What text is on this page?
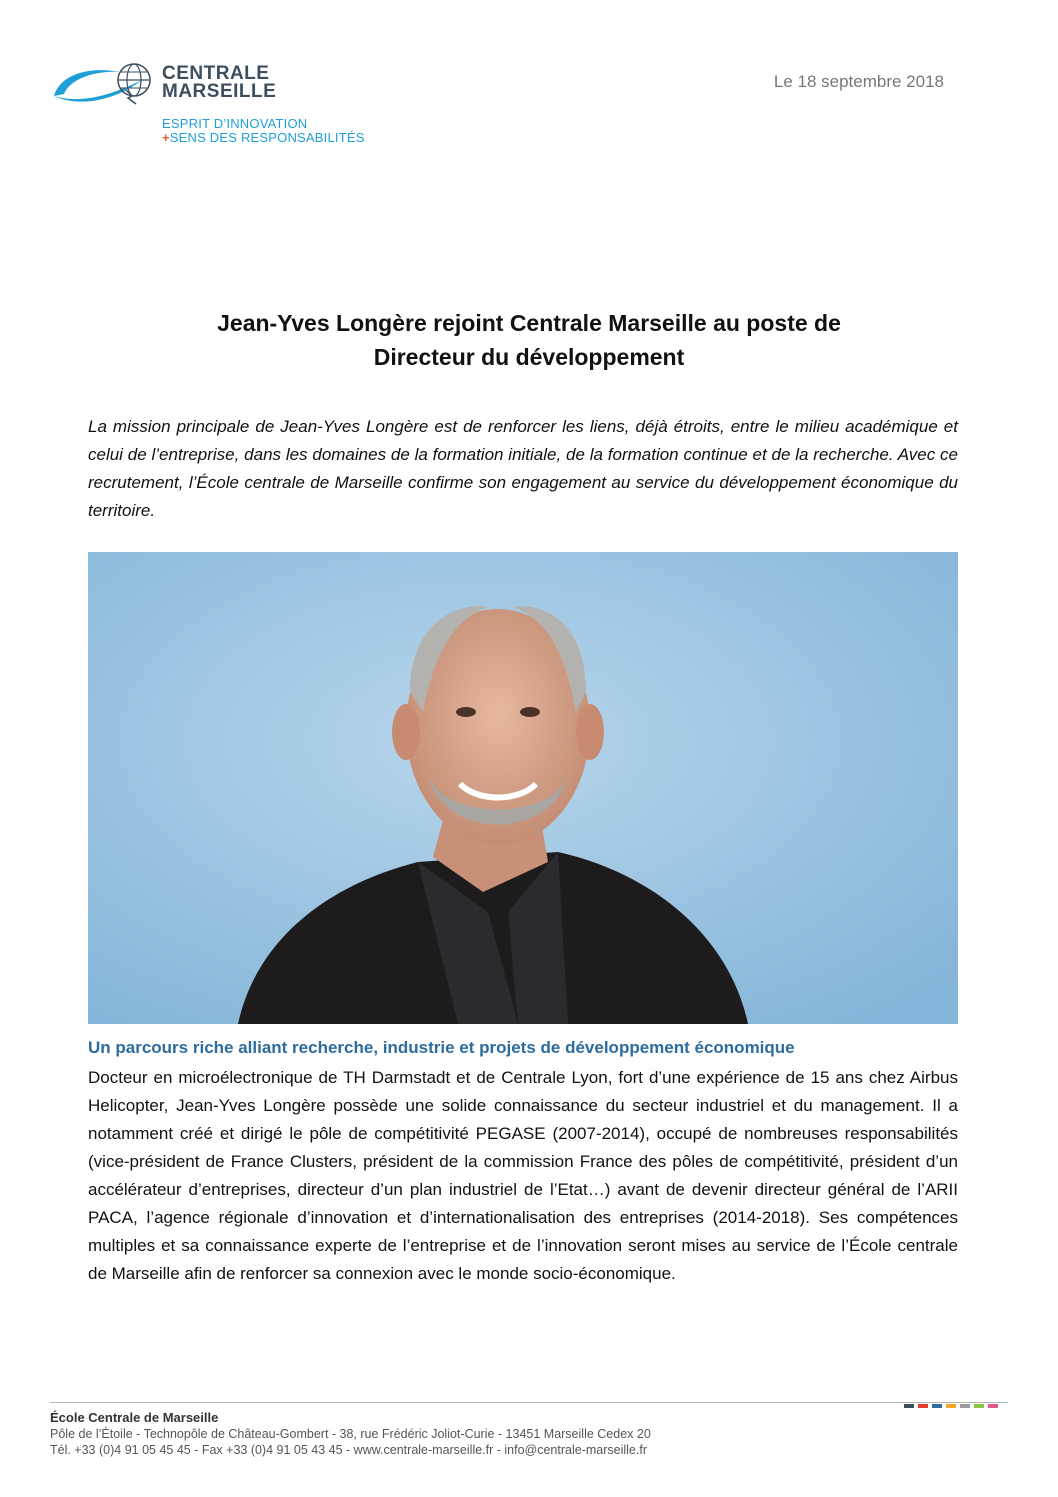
CENTRALE
MARSEILLE
ESPRIT D’INNOVATION
+SENS DES RESPONSABILITÉS
Le 18 septembre 2018
Jean-Yves Longère rejoint Centrale Marseille au poste de
Directeur du développement
La mission principale de Jean-Yves Longère est de renforcer les liens, déjà étroits, entre le milieu académique et celui de l’entreprise, dans les domaines de la formation initiale, de la formation continue et de la recherche. Avec ce recrutement, l’École centrale de Marseille confirme son engagement au service du développement économique du territoire.
Un parcours riche alliant recherche, industrie et projets de développement économique
Docteur en microélectronique de TH Darmstadt et de Centrale Lyon, fort d’une expérience de 15 ans chez Airbus Helicopter, Jean-Yves Longère possède une solide connaissance du secteur industriel et du management. Il a notamment créé et dirigé le pôle de compétitivité PEGASE (2007-2014), occupé de nombreuses responsabilités (vice-président de France Clusters, président de la commission France des pôles de compétitivité, président d’un accélérateur d’entreprises, directeur d’un plan industriel de l’Etat…) avant de devenir directeur général de l’ARII PACA, l’agence régionale d’innovation et d’internationalisation des entreprises (2014-2018). Ses compétences multiples et sa connaissance experte de l’entreprise et de l’innovation seront mises au service de l’École centrale de Marseille afin de renforcer sa connexion avec le monde socio-économique.
École Centrale de Marseille
Pôle de l’Étoile - Technopôle de Château-Gombert - 38, rue Frédéric Joliot-Curie - 13451 Marseille Cedex 20
Tél. +33 (0)4 91 05 45 45 - Fax +33 (0)4 91 05 43 45 - www.centrale-marseille.fr - info@centrale-marseille.fr
